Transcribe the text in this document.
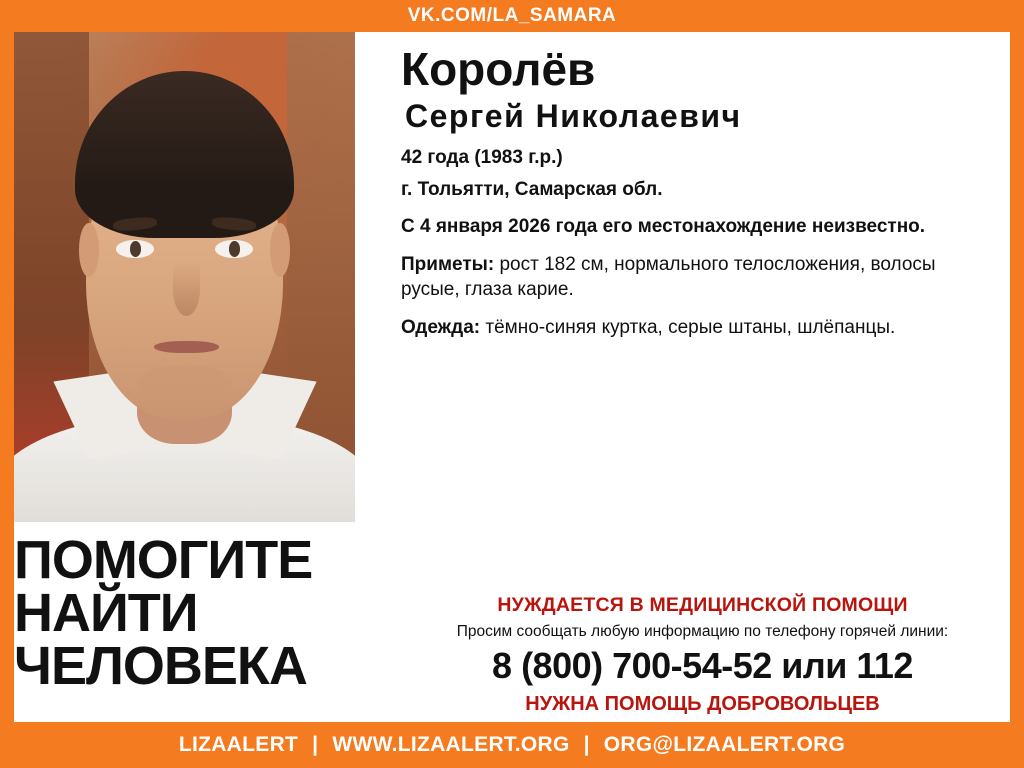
VK.COM/LA_SAMARA
ПОМОГИТЕ
НАЙТИ
ЧЕЛОВЕКА
Королёв
Сергей Николаевич
42 года (1983 г.р.)
г. Тольятти, Самарская обл.
С 4 января 2026 года его местонахождение неизвестно.
Приметы: рост 182 см, нормального телосложения, волосы русые, глаза карие.
Одежда: тёмно-синяя куртка, серые штаны, шлёпанцы.
НУЖДАЕТСЯ В МЕДИЦИНСКОЙ ПОМОЩИ
Просим сообщать любую информацию по телефону горячей линии:
8 (800) 700-54-52 или 112
НУЖНА ПОМОЩЬ ДОБРОВОЛЬЦЕВ
LIZAALERT | WWW.LIZAALERT.ORG | ORG@LIZAALERT.ORG
